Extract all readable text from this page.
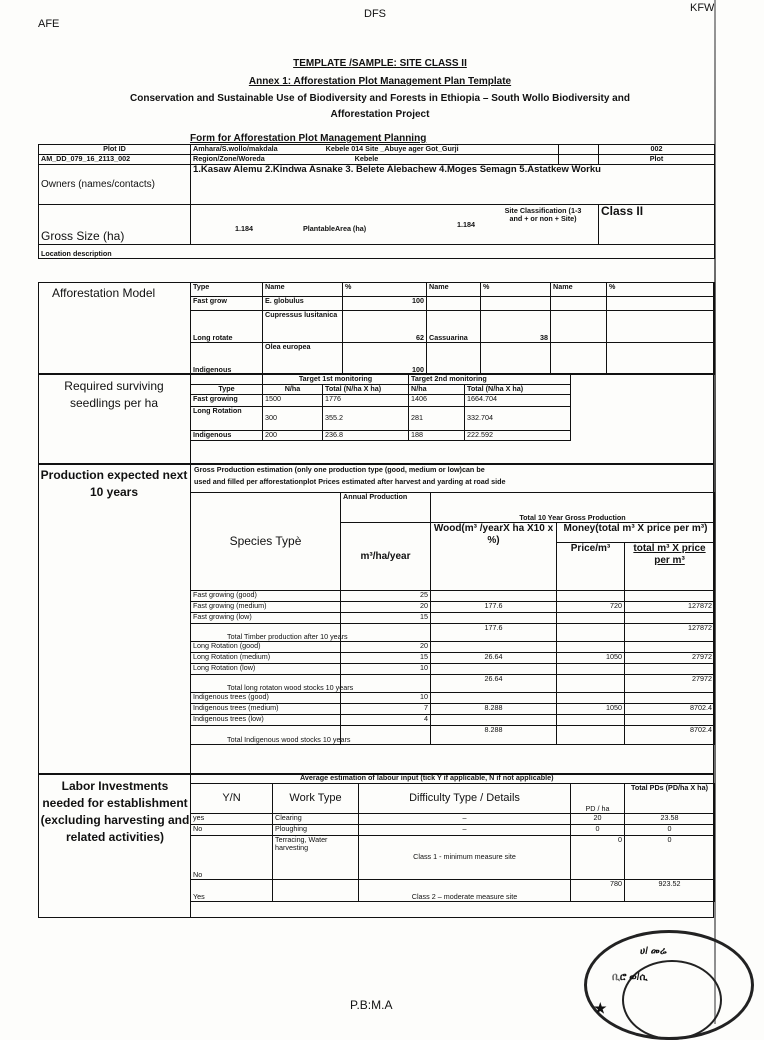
AFE
DFS	KFW
TEMPLATE /SAMPLE: SITE CLASS II
Annex 1: Afforestation Plot Management Plan Template
Conservation and Sustainable Use of Biodiversity and Forests in Ethiopia – South Wollo Biodiversity and
Afforestation Project
Form for Afforestation Plot Management Planning
Plot ID	Amhara/S.wollo/makdala Kebele 014 Site _Abuye ager Got_Gurji		002
AM_DD_079_16_2113_002	Region/Zone/Woreda Kebele		Plot
Owners (names/contacts)	1.Kasaw Alemu 2.Kindwa Asnake 3. Belete Alebachew 4.Moges Semagn 5.Astatkew Worku		
Gross Size (ha)	1.184 PlantableArea (ha) 1.184
Site Classification (1-3 and + or non + Site)		Class II
Location description			
Afforestation Model	Type	Name	%	Name	%	Name	%
Fast grow	E. globulus	100				
Long rotate	Cupressus lusitanica	62	Cassuarina	38		
Indigenous	Olea europea	100				
Required surviving seedlings per ha
	Target 1st monitoring		Target 2nd monitoring	
Type	N/ha	Total (N/ha X ha)	N/ha	Total (N/ha X ha)
Fast growing	1500	1776	1406	1664.704
Long Rotation	300	355.2	281	332.704
Indigenous	200	236.8	188	222.592
Production expected next 10 years
Gross Production estimation (only one production type (good, medium or low)can be
used and filled per afforestationplot Prices estimated after harvest and yarding at road side
Species Typè	Annual Production	Total 10 Year Gross Production		
	m³/ha/year	Wood(m³ /yearX ha X10 x %)	Money(total m³ X price per m³)	
			Price/m³	total m³ X price per m³
Fast growing (good)	25			
Fast growing (medium)	20	177.6	720	127872
Fast growing (low)	15			
Total Timber production after 10 years		177.6		127872
Long Rotation (good)	20			
Long Rotation (medium)	15	26.64	1050	27972
Long Rotation (low)	10			
Total long rotaton wood stocks 10 years		26.64		27972
Indigenous trees (good)	10			
Indigenous trees (medium)	7	8.288	1050	8702.4
Indigenous trees (low)	4			
Total Indigenous wood stocks 10 years		8.288		8702.4
Labor Investments needed for establishment (excluding harvesting and related activities)
Average estimation of labour input (tick Y if applicable, N if not applicable)
Y/N	Work Type	Difficulty Type / Details	PD / ha	Total PDs (PD/ha X ha)
yes	Clearing	–	20	23.58
No	Ploughing	–	0	0
No	Terracing, Water harvesting	Class 1 - minimum measure site	0	0
Yes		Class 2 – moderate measure site	780	923.52
ሀ/ መሬ
ቢሮ ወ/ሲ
★
P.B:M.A
